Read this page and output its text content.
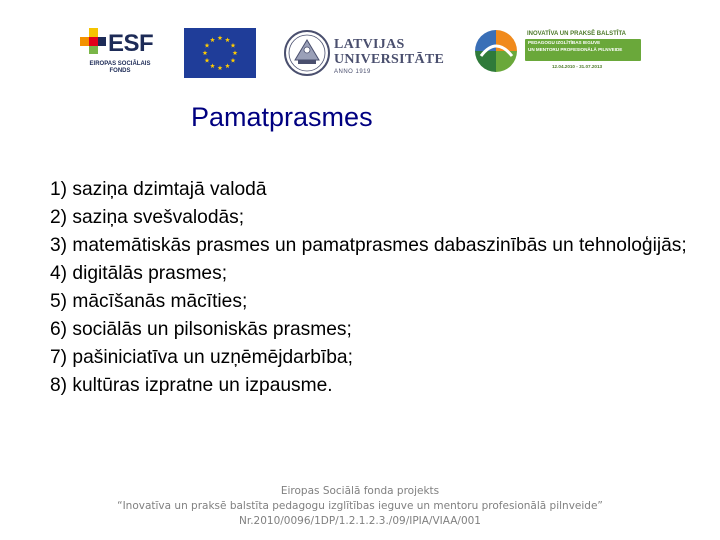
ESF
EIROPAS SOCIĀLAIS
FONDS
LATVIJAS
UNIVERSITĀTE
ANNO 1919
INOVATĪVA UN PRAKSĒ BALSTĪTA
PEDAGOGU IZGLĪTĪBAS IEGUVE
UN MENTORU PROFESIONĀLĀ PILNVEIDE
12.04.2010 - 31.07.2013
Pamatprasmes
1) saziņa dzimtajā valodā
2) saziņa svešvalodās;
3) matemātiskās prasmes un pamatprasmes dabaszinībās un tehnoloģijās;
4) digitālās prasmes;
5) mācīšanās mācīties;
6) sociālās un pilsoniskās prasmes;
7) pašiniciatīva un uzņēmējdarbība;
8) kultūras izpratne un izpausme.
Eiropas Sociālā fonda projekts
“Inovatīva un praksē balstīta pedagogu izglītības ieguve un mentoru profesionālā pilnveide”
Nr.2010/0096/1DP/1.2.1.2.3./09/IPIA/VIAA/001
